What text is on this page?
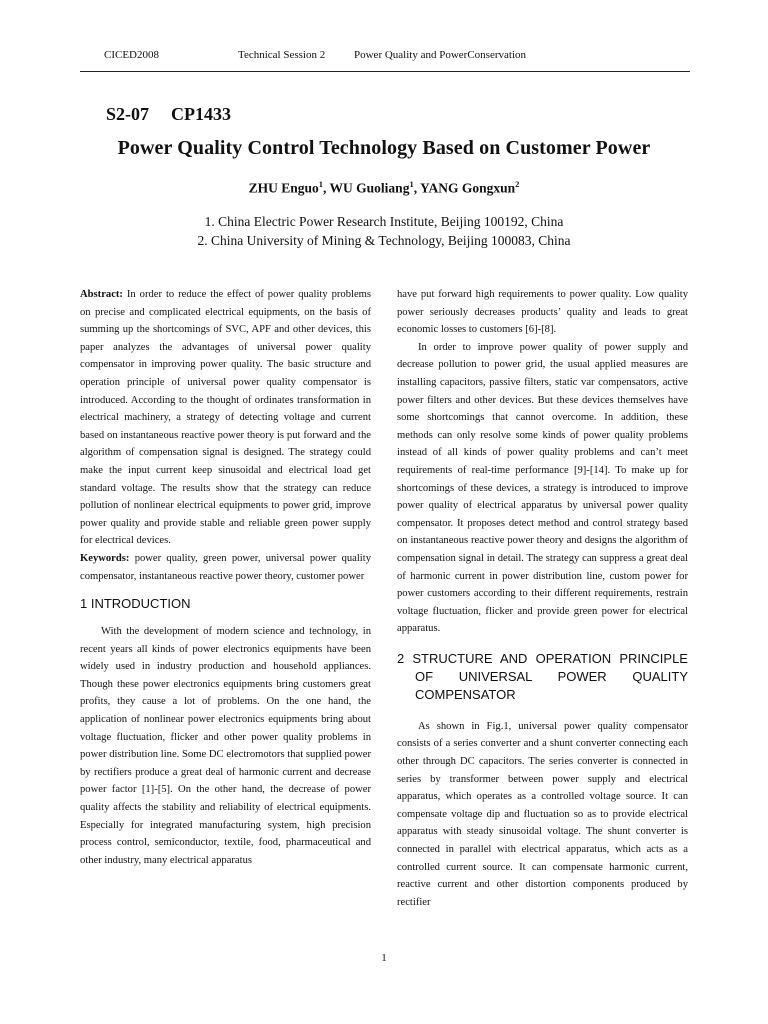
CICED2008	Technical Session 2	Power Quality and PowerConservation
S2-07 CP1433
Power Quality Control Technology Based on Customer Power
ZHU Enguo$^1$, WU Guoliang$^1$, YANG Gongxun$^2$
1. China Electric Power Research Institute, Beijing 100192, China
2. China University of Mining & Technology, Beijing 100083, China

Abstract: In order to reduce the effect of power quality problems on precise and complicated electrical equipments, on the basis of summing up the shortcomings of SVC, APF and other devices, this paper analyzes the advantages of universal power quality compensator in improving power quality. The basic structure and operation principle of universal power quality compensator is introduced. According to the thought of ordinates transformation in electrical machinery, a strategy of detecting voltage and current based on instantaneous reactive power theory is put forward and the algorithm of compensation signal is designed. The strategy could make the input current keep sinusoidal and electrical load get standard voltage. The results show that the strategy can reduce pollution of nonlinear electrical equipments to power grid, improve power quality and provide stable and reliable green power supply for electrical devices.

Keywords: power quality, green power, universal power quality compensator, instantaneous reactive power theory, customer power

1 INTRODUCTION

With the development of modern science and technology, in recent years all kinds of power electronics equipments have been widely used in industry production and household appliances. Though these power electronics equipments bring customers great profits, they cause a lot of problems. On the one hand, the application of nonlinear power electronics equipments bring about voltage fluctuation, flicker and other power quality problems in power distribution line. Some DC electromotors that supplied power by rectifiers produce a great deal of harmonic current and decrease power factor [1]-[5]. On the other hand, the decrease of power quality affects the stability and reliability of electrical equipments. Especially for integrated manufacturing system, high precision process control, semiconductor, textile, food, pharmaceutical and other industry, many electrical apparatus

have put forward high requirements to power quality. Low quality power seriously decreases products’ quality and leads to great economic losses to customers [6]-[8].

In order to improve power quality of power supply and decrease pollution to power grid, the usual applied measures are installing capacitors, passive filters, static var compensators, active power filters and other devices. But these devices themselves have some shortcomings that cannot overcome. In addition, these methods can only resolve some kinds of power quality problems instead of all kinds of power quality problems and can’t meet requirements of real-time performance [9]-[14]. To make up for shortcomings of these devices, a strategy is introduced to improve power quality of electrical apparatus by universal power quality compensator. It proposes detect method and control strategy based on instantaneous reactive power theory and designs the algorithm of compensation signal in detail. The strategy can suppress a great deal of harmonic current in power distribution line, custom power for power customers according to their different requirements, restrain voltage fluctuation, flicker and provide green power for electrical apparatus.

2 STRUCTURE AND OPERATION PRINCIPLE OF UNIVERSAL POWER QUALITY COMPENSATOR

As shown in Fig.1, universal power quality compensator consists of a series converter and a shunt converter connecting each other through DC capacitors. The series converter is connected in series by transformer between power supply and electrical apparatus, which operates as a controlled voltage source. It can compensate voltage dip and fluctuation so as to provide electrical apparatus with steady sinusoidal voltage. The shunt converter is connected in parallel with electrical apparatus, which acts as a controlled current source. It can compensate harmonic current, reactive current and other distortion components produced by rectifier

1
